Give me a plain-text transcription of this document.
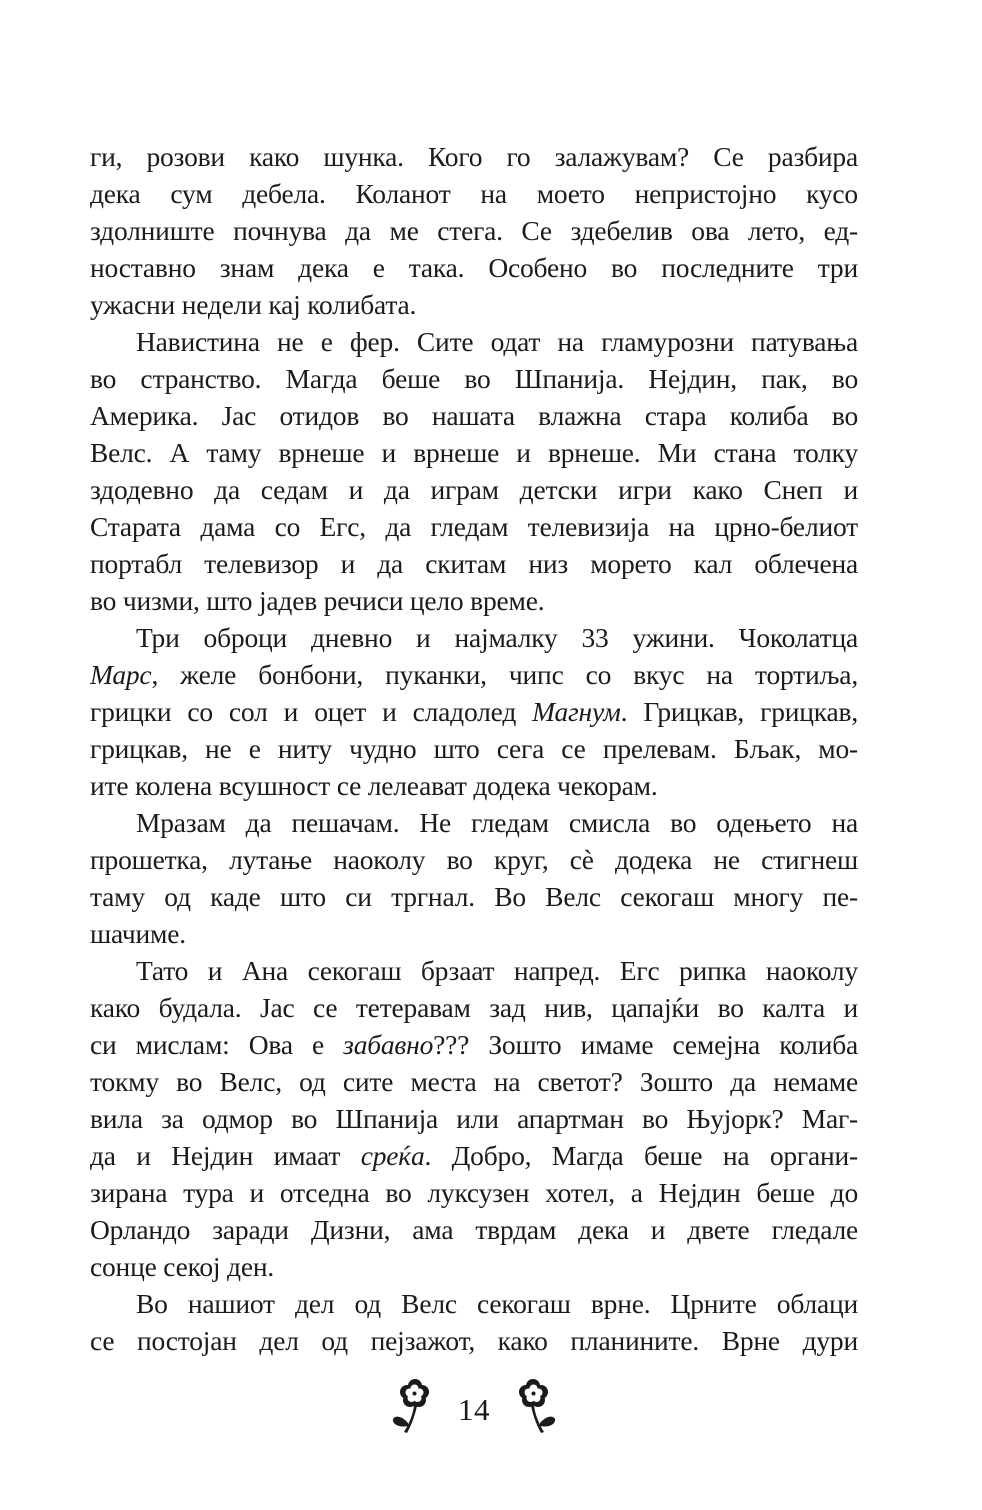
ги, розови како шунка. Кого го залажувам? Се разбира
дека сум дебела. Коланот на моето непристојно кусо
здолниште почнува да ме стега. Се здебелив ова лето, ед-
ноставно знам дека е така. Особено во последните три
ужасни недели кај колибата.

Навистина не е фер. Сите одат на гламурозни патувања
во странство. Магда беше во Шпанија. Нејдин, пак, во
Америка. Јас отидов во нашата влажна стара колиба во
Велс. А таму врнеше и врнеше и врнеше. Ми стана толку
здодевно да седам и да играм детски игри како Снеп и
Старата дама со Егс, да гледам телевизија на црно-белиот
портабл телевизор и да скитам низ морето кал облечена
во чизми, што јадев речиси цело време.

Три оброци дневно и најмалку 33 ужини. Чоколатца
Марс, желе бонбони, пуканки, чипс со вкус на тортиља,
грицки со сол и оцет и сладолед Магнум. Грицкав, грицкав,
грицкав, не е ниту чудно што сега се прелевам. Бљак, мо-
ите колена всушност се лелеават додека чекорам.

Мразам да пешачам. Не гледам смисла во одењето на
прошетка, лутање наоколу во круг, сѐ додека не стигнеш
таму од каде што си тргнал. Во Велс секогаш многу пе-
шачиме.

Тато и Ана секогаш брзаат напред. Егс рипка наоколу
како будала. Јас се тетеравам зад нив, цапајќи во калта и
си мислам: Ова е забавно??? Зошто имаме семејна колиба
токму во Велс, од сите места на светот? Зошто да немаме
вила за одмор во Шпанија или апартман во Њујорк? Маг-
да и Нејдин имаат среќа. Добро, Магда беше на органи-
зирана тура и отседна во луксузен хотел, а Нејдин беше до
Орландо заради Дизни, ама тврдам дека и двете гледале
сонце секој ден.

Во нашиот дел од Велс секогаш врне. Црните облаци
се постојан дел од пејзажот, како планините. Врне дури

14
